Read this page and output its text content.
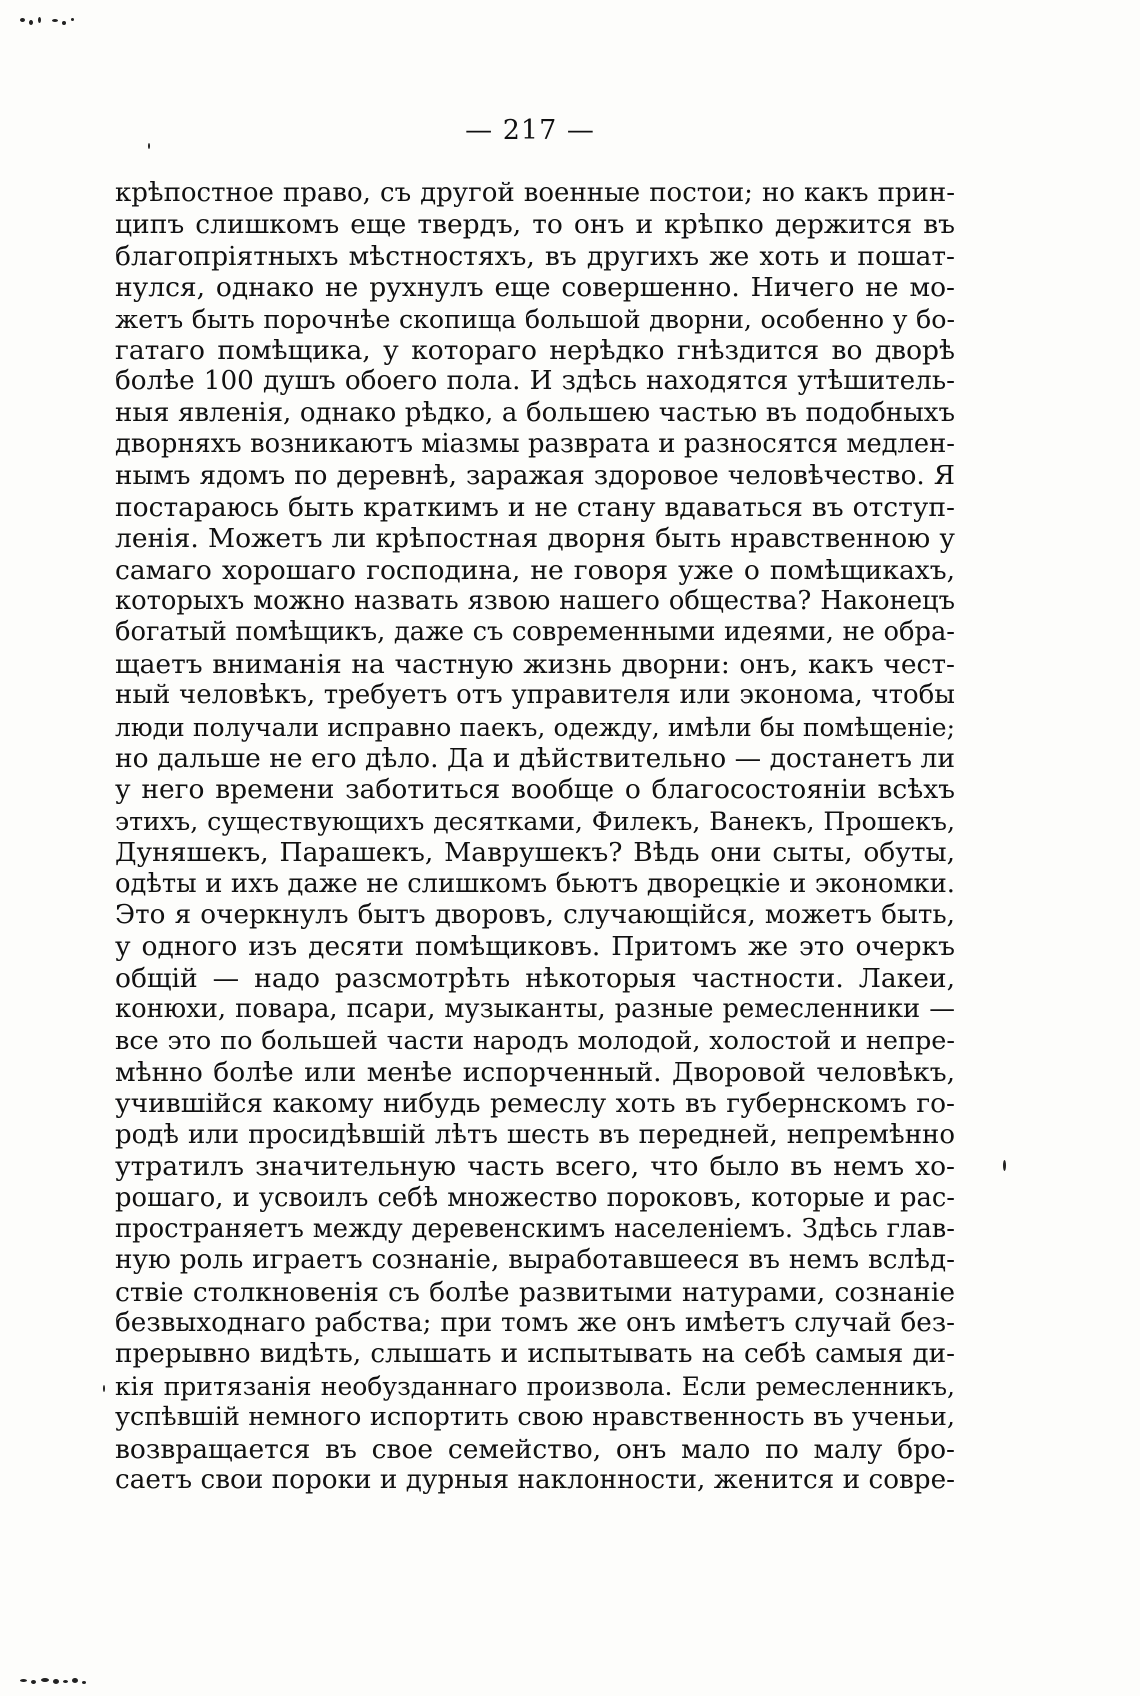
— 217 —
крѣпостное право, съ другой военные постои; но какъ прин-
ципъ слишкомъ еще твердъ, то онъ и крѣпко держится въ
благопріятныхъ мѣстностяхъ, въ другихъ же хоть и пошат-
нулся, однако не рухнулъ еще совершенно. Ничего не мо-
жетъ быть порочнѣе скопища большой дворни, особенно у бо-
гатаго помѣщика, у котораго нерѣдко гнѣздится во дворѣ
болѣе 100 душъ обоего пола. И здѣсь находятся утѣшитель-
ныя явленія, однако рѣдко, а большею частью въ подобныхъ
дворняхъ возникаютъ міазмы разврата и разносятся медлен-
нымъ ядомъ по деревнѣ, заражая здоровое человѣчество. Я
постараюсь быть краткимъ и не стану вдаваться въ отступ-
ленія. Можетъ ли крѣпостная дворня быть нравственною у
самаго хорошаго господина, не говоря уже о помѣщикахъ,
которыхъ можно назвать язвою нашего общества? Наконецъ
богатый помѣщикъ, даже съ современными идеями, не обра-
щаетъ вниманія на частную жизнь дворни: онъ, какъ чест-
ный человѣкъ, требуетъ отъ управителя или эконома, чтобы
люди получали исправно паекъ, одежду, имѣли бы помѣщеніе;
но дальше не его дѣло. Да и дѣйствительно — достанетъ ли
у него времени заботиться вообще о благосостояніи всѣхъ
этихъ, существующихъ десятками, Филекъ, Ванекъ, Прошекъ,
Дуняшекъ, Парашекъ, Маврушекъ? Вѣдь они сыты, обуты,
одѣты и ихъ даже не слишкомъ бьютъ дворецкіе и экономки.
Это я очеркнулъ бытъ дворовъ, случающійся, можетъ быть,
у одного изъ десяти помѣщиковъ. Притомъ же это очеркъ
общій — надо разсмотрѣть нѣкоторыя частности. Лакеи,
конюхи, повара, псари, музыканты, разные ремесленники —
все это по большей части народъ молодой, холостой и непре-
мѣнно болѣе или менѣе испорченный. Дворовой человѣкъ,
учившійся какому нибудь ремеслу хоть въ губернскомъ го-
родѣ или просидѣвшій лѣтъ шесть въ передней, непремѣнно
утратилъ значительную часть всего, что было въ немъ хо-
рошаго, и усвоилъ себѣ множество пороковъ, которые и рас-
пространяетъ между деревенскимъ населеніемъ. Здѣсь глав-
ную роль играетъ сознаніе, выработавшееся въ немъ вслѣд-
ствіе столкновенія съ болѣе развитыми натурами, сознаніе
безвыходнаго рабства; при томъ же онъ имѣетъ случай без-
прерывно видѣть, слышать и испытывать на себѣ самыя ди-
кія притязанія необузданнаго произвола. Если ремесленникъ,
успѣвшій немного испортить свою нравственность въ ученьи,
возвращается въ свое семейство, онъ мало по малу бро-
саетъ свои пороки и дурныя наклонности, женится и совре-
